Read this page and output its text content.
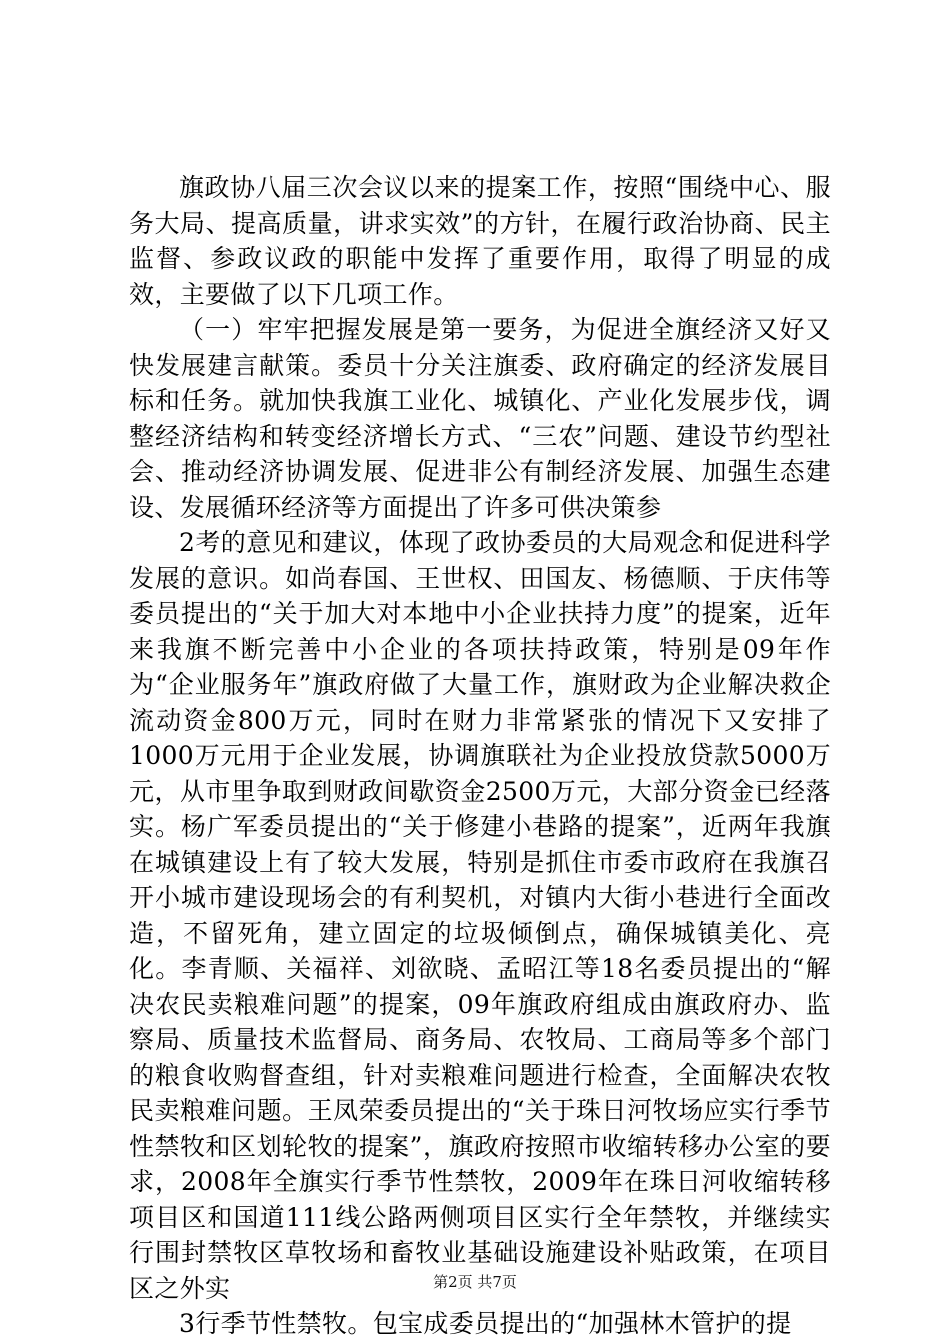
旗政协八届三次会议以来的提案工作，按照“围绕中心、服务大局、提高质量，讲求实效”的方针，在履行政治协商、民主监督、参政议政的职能中发挥了重要作用，取得了明显的成效，主要做了以下几项工作。

（一）牢牢把握发展是第一要务，为促进全旗经济又好又快发展建言献策。委员十分关注旗委、政府确定的经济发展目标和任务。就加快我旗工业化、城镇化、产业化发展步伐，调整经济结构和转变经济增长方式、“三农”问题、建设节约型社会、推动经济协调发展、促进非公有制经济发展、加强生态建设、发展循环经济等方面提出了许多可供决策参

2考的意见和建议，体现了政协委员的大局观念和促进科学发展的意识。如尚春国、王世权、田国友、杨德顺、于庆伟等委员提出的“关于加大对本地中小企业扶持力度”的提案，近年来我旗不断完善中小企业的各项扶持政策，特别是09年作为“企业服务年”旗政府做了大量工作，旗财政为企业解决救企流动资金800万元，同时在财力非常紧张的情况下又安排了1000万元用于企业发展，协调旗联社为企业投放贷款5000万元，从市里争取到财政间歇资金2500万元，大部分资金已经落实。杨广军委员提出的“关于修建小巷路的提案”，近两年我旗在城镇建设上有了较大发展，特别是抓住市委市政府在我旗召开小城市建设现场会的有利契机，对镇内大街小巷进行全面改造，不留死角，建立固定的垃圾倾倒点，确保城镇美化、亮化。李青顺、关福祥、刘欲晓、孟昭江等18名委员提出的“解决农民卖粮难问题”的提案，09年旗政府组成由旗政府办、监察局、质量技术监督局、商务局、农牧局、工商局等多个部门的粮食收购督查组，针对卖粮难问题进行检查，全面解决农牧民卖粮难问题。王凤荣委员提出的“关于珠日河牧场应实行季节性禁牧和区划轮牧的提案”，旗政府按照市收缩转移办公室的要求，2008年全旗实行季节性禁牧，2009年在珠日河收缩转移项目区和国道111线公路两侧项目区实行全年禁牧，并继续实行围封禁牧区草牧场和畜牧业基础设施建设补贴政策，在项目区之外实

3行季节性禁牧。包宝成委员提出的“加强林木管护的提

第2页 共7页
